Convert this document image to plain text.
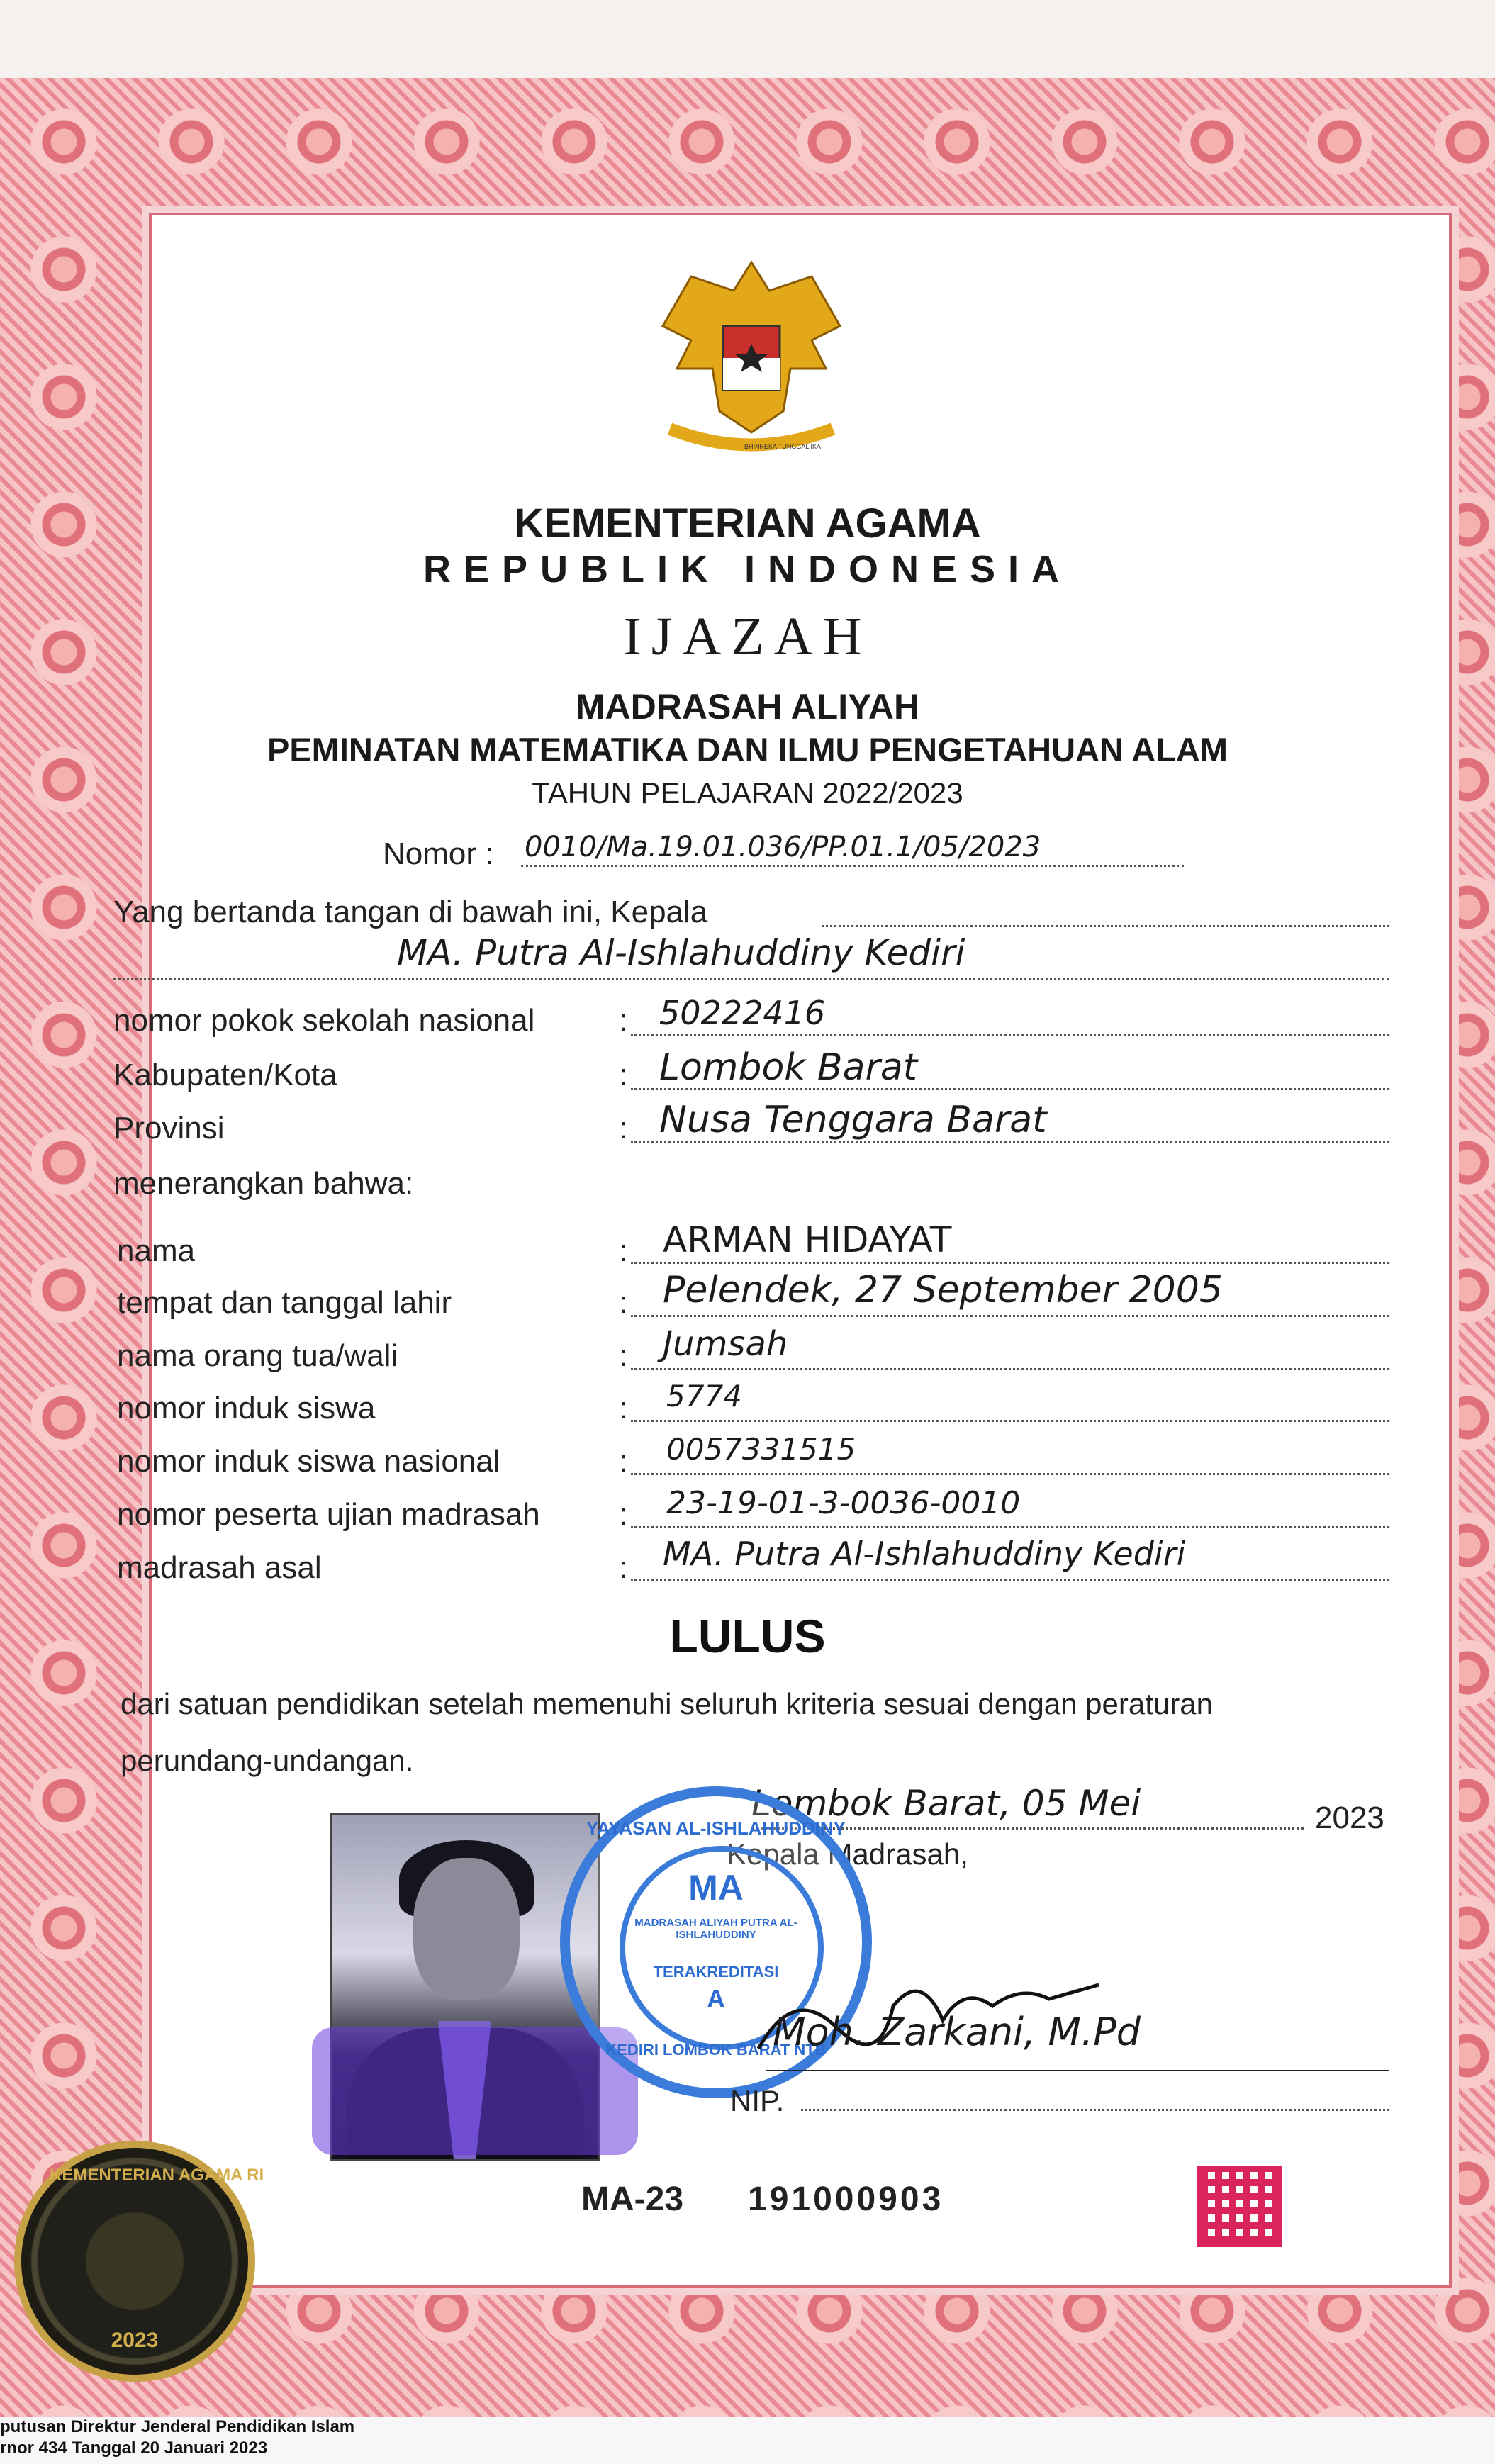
BHINNEKA TUNGGAL IKA
KEMENTERIAN AGAMA
REPUBLIK INDONESIA
IJAZAH
MADRASAH ALIYAH
PEMINATAN MATEMATIKA DAN ILMU PENGETAHUAN ALAM
TAHUN PELAJARAN 2022/2023
Nomor : 0010/Ma.19.01.036/PP.01.1/05/2023
Yang bertanda tangan di bawah ini, Kepala
MA. Putra Al-Ishlahuddiny Kediri
nomor pokok sekolah nasional	: 50222416
Kabupaten/Kota	: Lombok Barat
Provinsi	: Nusa Tenggara Barat
menerangkan bahwa:
nama	: ARMAN HIDAYAT
tempat dan tanggal lahir	: Pelendek, 27 September 2005
nama orang tua/wali	: Jumsah
nomor induk siswa	: 5774
nomor induk siswa nasional	: 0057331515
nomor peserta ujian madrasah	: 23-19-01-3-0036-0010
madrasah asal	: MA. Putra Al-Ishlahuddiny Kediri
LULUS
dari satuan pendidikan setelah memenuhi seluruh kriteria sesuai dengan peraturan
perundang-undangan.
Lombok Barat, 05 Mei	2023
Kepala Madrasah,
YAYASAN AL-ISHLAHUDDINY
MA
MADRASAH ALIYAH PUTRA AL-ISHLAHUDDINY
TERAKREDITASI
A
KEDIRI LOMBOK BARAT NTB
Moh. Zarkani, M.Pd
NIP.
MA-23 191000903
KEMENTERIAN AGAMA RI
2023
putusan Direktur Jenderal Pendidikan Islam
rnor 434 Tanggal 20 Januari 2023
